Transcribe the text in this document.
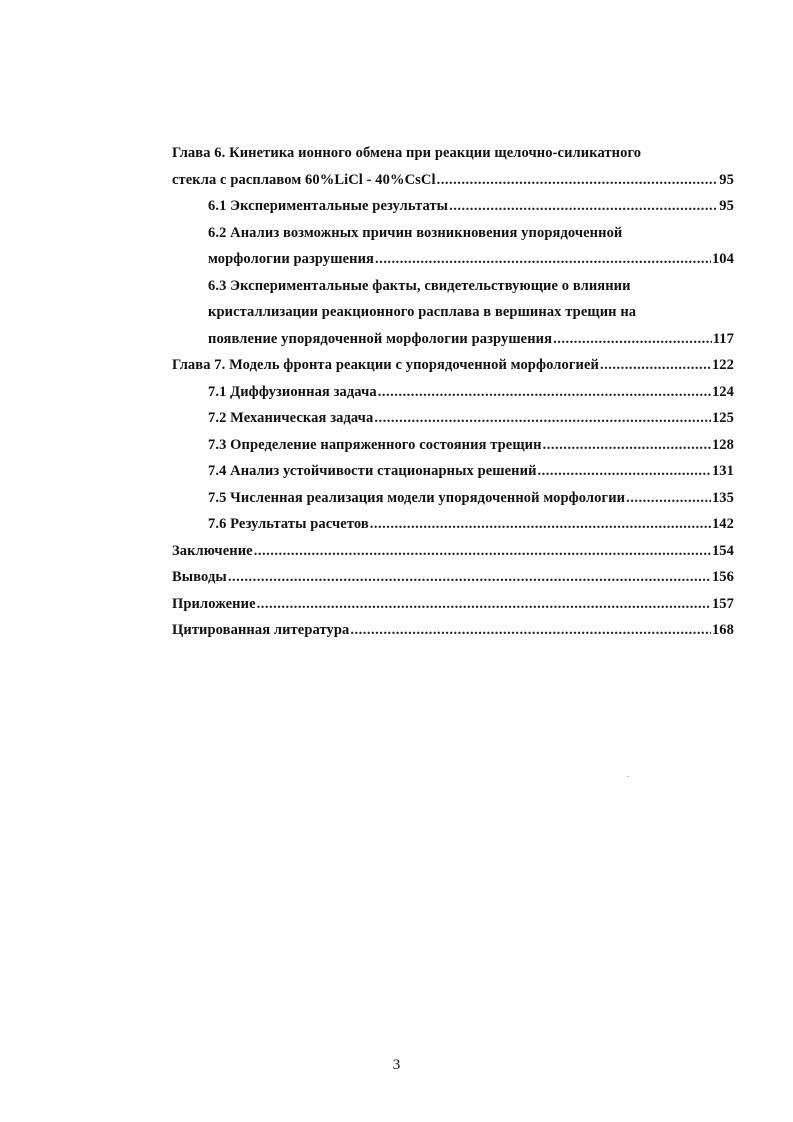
Глава 6. Кинетика ионного обмена при реакции щелочно-силикатного
стекла с расплавом 60%LiCl - 40%CsCl .....	95
6.1 Экспериментальные результаты .....	95
6.2 Анализ возможных причин возникновения упорядоченной
морфологии разрушения .....	104
6.3 Экспериментальные факты, свидетельствующие о влиянии
кристаллизации реакционного расплава в вершинах трещин на
появление упорядоченной морфологии разрушения .....	117
Глава 7. Модель фронта реакции с упорядоченной морфологией .....	122
7.1 Диффузионная задача .....	124
7.2 Механическая задача .....	125
7.3 Определение напряженного состояния трещин .....	128
7.4 Анализ устойчивости стационарных решений .....	131
7.5 Численная реализация модели упорядоченной морфологии .....	135
7.6 Результаты расчетов .....	142
Заключение .....	154
Выводы .....	156
Приложение .....	157
Цитированная литература .....	168
3
